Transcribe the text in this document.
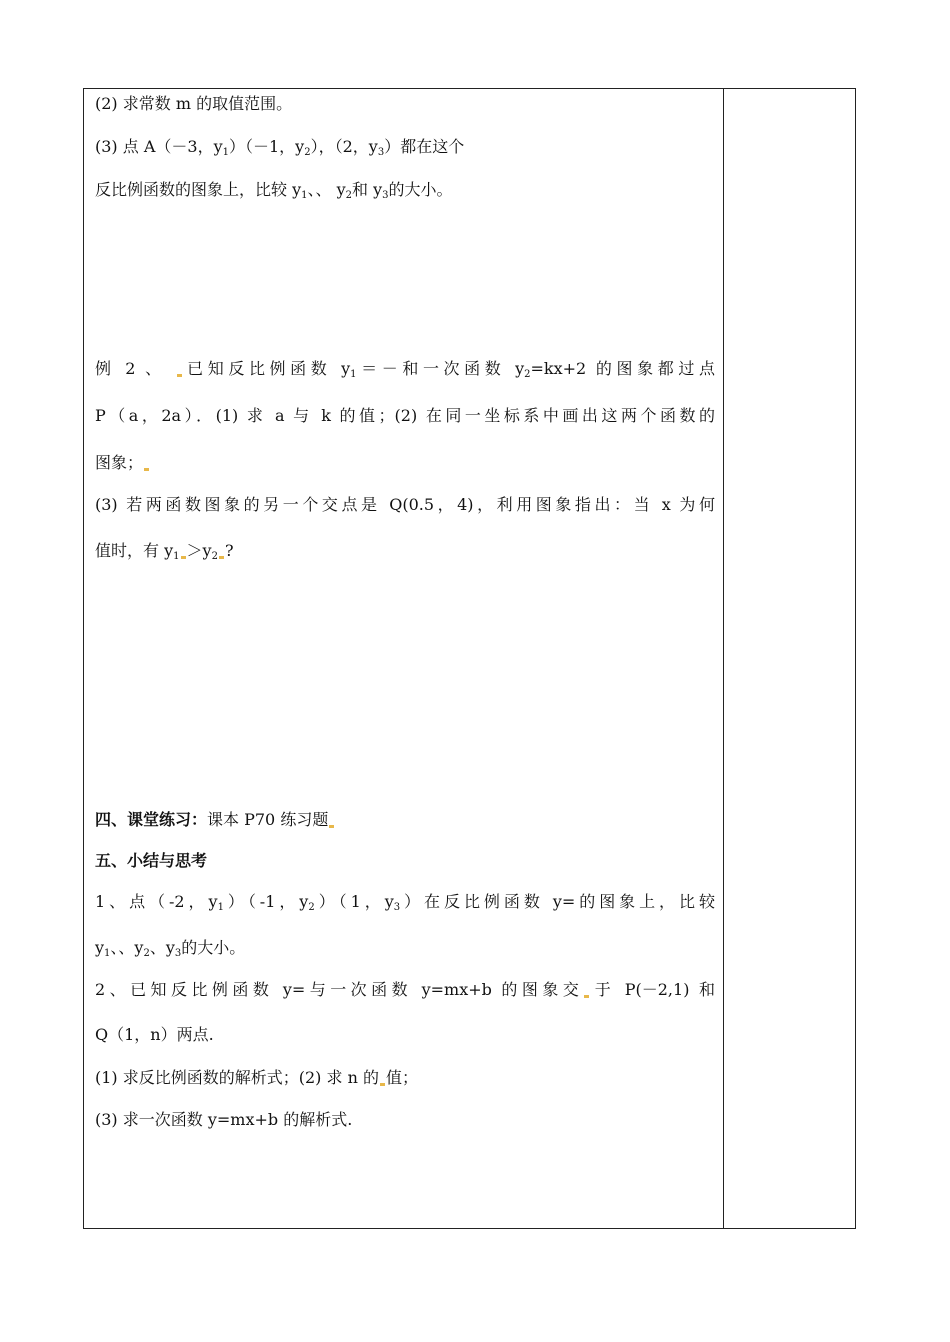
(2) 求常数 m 的取值范围。
(3) 点 A（－3，$y_1)(-1$，$y_2$），（2，$y_3$）都在这个
反比例函数的图象上，比较 $y_1$、、 $y_2$和 $y_3$的大小。
例 2 、 已知反比例函数 $y_1=-$和一次函数 $y_2=kx+2$ 的图象都过点
P（a，2a）．(1) 求 a 与 k 的值；(2) 在同一坐标系中画出这两个函数的
图象；
(3) 若两函数图象的另一个交点是 Q(0.5，4)，利用图象指出：当 x 为何
值时，有 $y_1 >y_2$ ?
四、课堂练习：课本 P70 练习题
五、小结与思考
1、点（-2，$y_1)(-1$，$y_2)(1$，$y_3$）在反比例函数 y=的图象上，比较
$y_1$、、$y_2$、$y_3$的大小。
2、已知反比例函数 y=与一次函数 y=mx+b 的图象交 于 P(－2,1) 和
Q（1，n）两点.
(1) 求反比例函数的解析式；(2) 求 n 的 值；
(3) 求一次函数 y=mx+b 的解析式.
